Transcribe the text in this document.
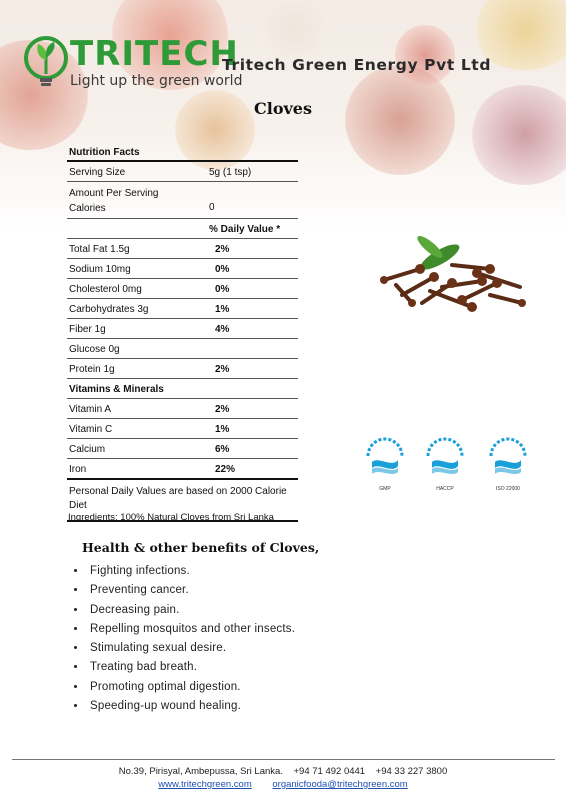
TRITECH
Light up the green world
Tritech Green Energy Pvt Ltd
Cloves
Nutrition Facts
Serving Size	5g (1 tsp)
Amount Per Serving
Calories	0
% Daily Value *
Total Fat 1.5g	2%
Sodium 10mg	0%
Cholesterol 0mg	0%
Carbohydrates 3g	1%
Fiber 1g	4%
Glucose 0g
Protein 1g	2%
Vitamins & Minerals
Vitamin A	2%
Vitamin C	1%
Calcium	6%
Iron	22%
Personal Daily Values are based on 2000 Calorie Diet
Ingredients: 100% Natural Cloves from Sri Lanka
GMP	HACCP	ISO 22000
Health & other benefits of Cloves,
Fighting infections.
Preventing cancer.
Decreasing pain.
Repelling mosquitos and other insects.
Stimulating sexual desire.
Treating bad breath.
Promoting optimal digestion.
Speeding-up wound healing.
No.39, Pirisyal, Ambepussa, Sri Lanka.    +94 71 492 0441    +94 33 227 3800
www.tritechgreen.com organicfooda@tritechgreen.com
